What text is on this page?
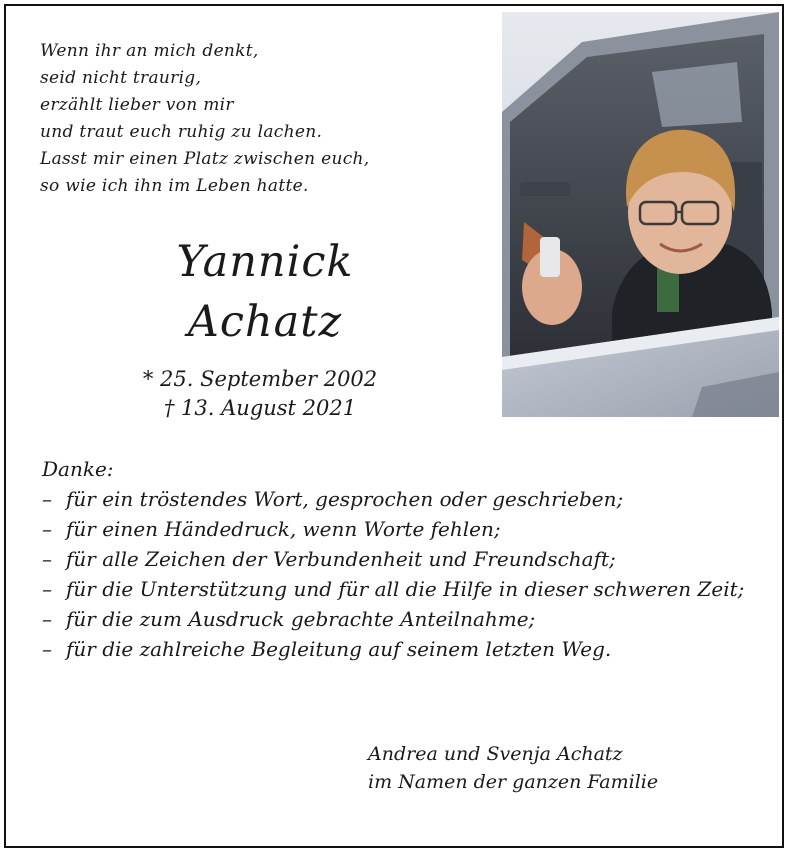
Wenn ihr an mich denkt,
seid nicht traurig,
erzählt lieber von mir
und traut euch ruhig zu lachen.
Lasst mir einen Platz zwischen euch,
so wie ich ihn im Leben hatte.
Yannick
Achatz
* 25. September 2002
† 13. August 2021
Danke:
– für ein tröstendes Wort, gesprochen oder geschrieben;
– für einen Händedruck, wenn Worte fehlen;
– für alle Zeichen der Verbundenheit und Freundschaft;
– für die Unterstützung und für all die Hilfe in dieser schweren Zeit;
– für die zum Ausdruck gebrachte Anteilnahme;
– für die zahlreiche Begleitung auf seinem letzten Weg.
Andrea und Svenja Achatz
im Namen der ganzen Familie
